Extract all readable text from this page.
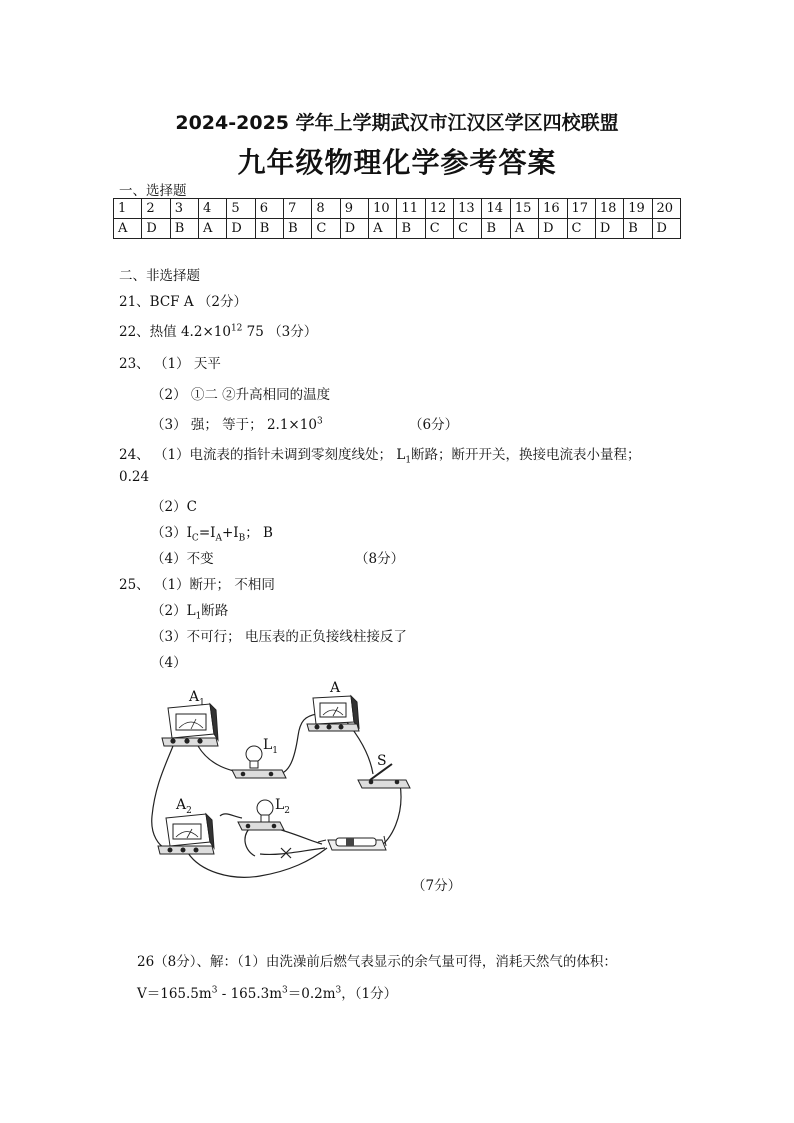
2024-2025 学年上学期武汉市江汉区学区四校联盟
九年级物理化学参考答案
一、选择题
1	2	3	4	5	6	7	8	9	10	11	12	13	14	15	16	17	18	19	20
A	D	B	A	D	B	B	C	D	A	B	C	C	B	A	D	C	D	B	D
二、非选择题
21、BCF A （2分）
22、热值 $4.2\times 10^{12}$ 75 （3分）
23、 （1） 天平
（2） ①二 ②升高相同的温度
（3） 强； 等于； $2.1\times 10^3$	（6分）
24、 （1）电流表的指针未调到零刻度线处； $L_1$断路；断开开关，换接电流表小量程；
0.24
（2）C
$(3)I_C=I_A+I_B$； B
（4）不变	（8分）
25、 （1）断开； 不相同
$(2)L_1$断路
（3）不可行； 电压表的正负接线柱接反了
（4）
$A_1$
A
$L_1$
S
$A_2$	$L_2$
（7分）
26（8分）、解：（1）由洗澡前后燃气表显示的余气量可得，消耗天然气的体积：
$V=165.5m^3 - 165.3m^3=0.2m^3$，（1分）
